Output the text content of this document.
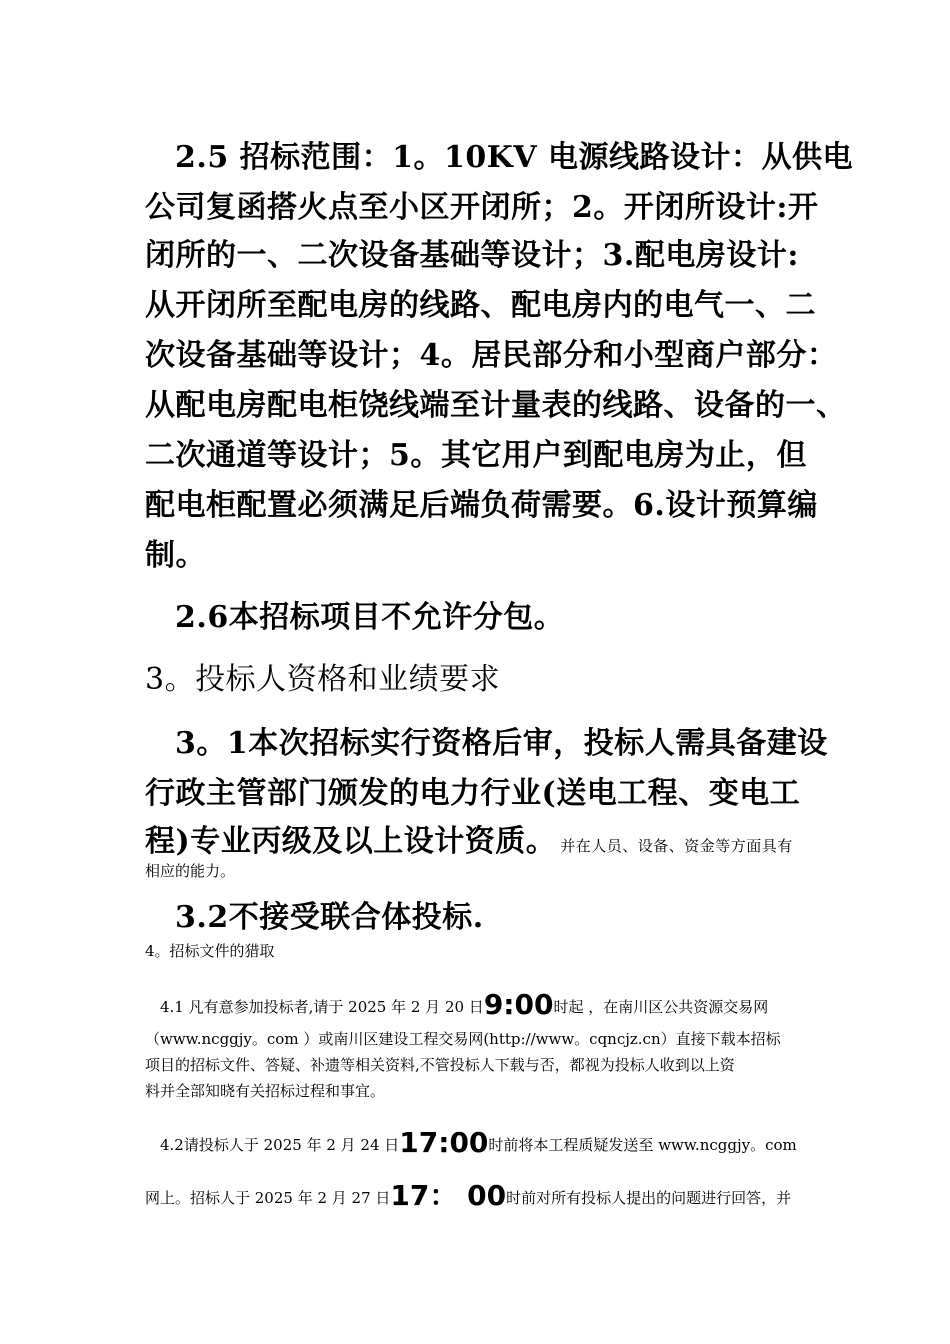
2.5 招标范围：1。10KV 电源线路设计：从供电
公司复函搭火点至小区开闭所；2。开闭所设计:开
闭所的一、二次设备基础等设计；3.配电房设计:
从开闭所至配电房的线路、配电房内的电气一、二
次设备基础等设计；4。居民部分和小型商户部分：
从配电房配电柜饶线端至计量表的线路、设备的一、
二次通道等设计；5。其它用户到配电房为止，但
配电柜配置必须满足后端负荷需要。6.设计预算编
制。
2.6本招标项目不允许分包。
3。投标人资格和业绩要求
3。1本次招标实行资格后审，投标人需具备建设
行政主管部门颁发的电力行业(送电工程、变电工
程)专业丙级及以上设计资质。 并在人员、设备、资金等方面具有
相应的能力。
3.2不接受联合体投标.
4。招标文件的猎取
4.1 凡有意参加投标者,请于 2025 年 2 月 20 日9:00时起 ，在南川区公共资源交易网
（www.ncggjy。com ）或南川区建设工程交易网(http://www。cqncjz.cn）直接下载本招标
项目的招标文件、答疑、补遗等相关资料,不管投标人下载与否，都视为投标人收到以上资
料并全部知晓有关招标过程和事宜。
4.2请投标人于 2025 年 2 月 24 日17:00时前将本工程质疑发送至 www.ncggjy。com
网上。招标人于 2025 年 2 月 27 日17： 00时前对所有投标人提出的问题进行回答，并
